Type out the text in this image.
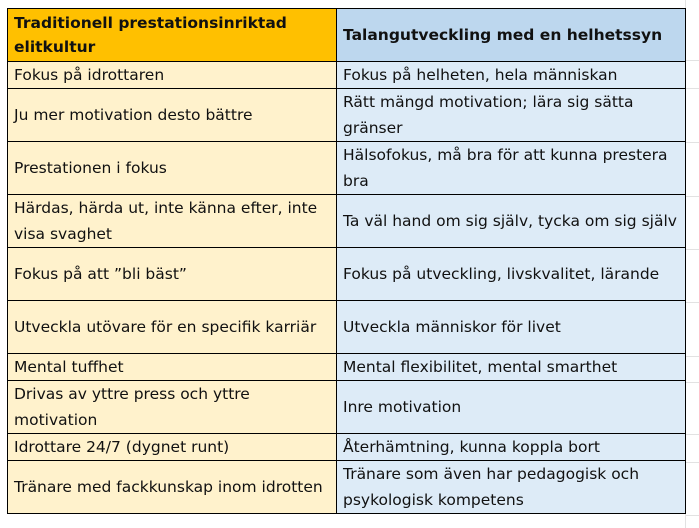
Traditionell prestationsinriktad elitkultur	Talangutveckling med en helhetssyn
Fokus på idrottaren	Fokus på helheten, hela människan
Ju mer motivation desto bättre	Rätt mängd motivation; lära sig sätta gränser
Prestationen i fokus	Hälsofokus, må bra för att kunna prestera bra
Härdas, härda ut, inte känna efter, inte visa svaghet	Ta väl hand om sig själv, tycka om sig själv
Fokus på att ”bli bäst”	Fokus på utveckling, livskvalitet, lärande
Utveckla utövare för en specifik karriär	Utveckla människor för livet
Mental tuffhet	Mental flexibilitet, mental smarthet
Drivas av yttre press och yttre motivation	Inre motivation
Idrottare 24/7 (dygnet runt)	Återhämtning, kunna koppla bort
Tränare med fackkunskap inom idrotten	Tränare som även har pedagogisk och psykologisk kompetens
